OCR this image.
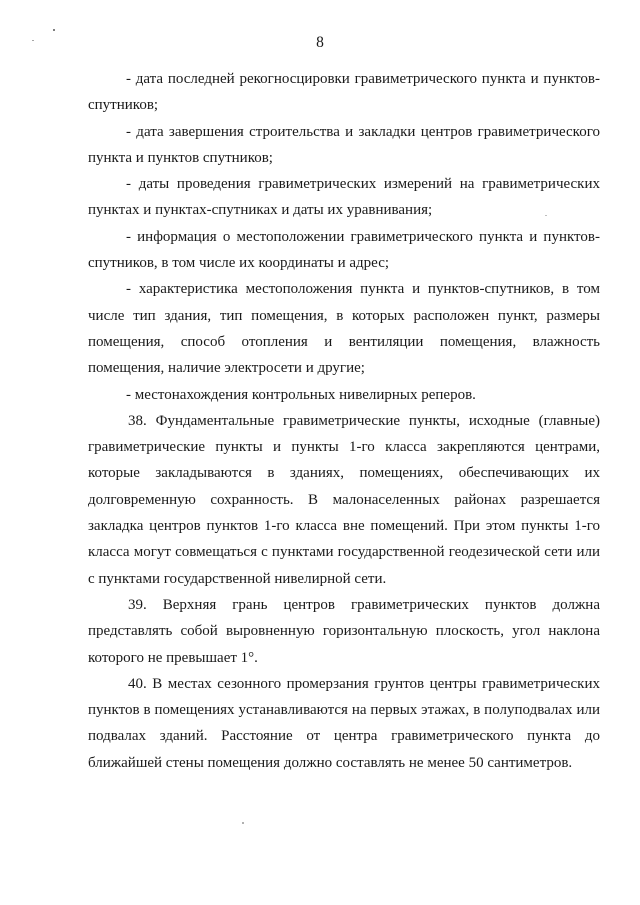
8

- дата последней рекогносцировки гравиметрического пункта и пунктов-спутников;

- дата завершения строительства и закладки центров гравиметрического пункта и пунктов спутников;

- даты проведения гравиметрических измерений на гравиметрических пунктах и пунктах-спутниках и даты их уравнивания;

- информация о местоположении гравиметрического пункта и пунктов-спутников, в том числе их координаты и адрес;

- характеристика местоположения пункта и пунктов-спутников, в том числе тип здания, тип помещения, в которых расположен пункт, размеры помещения, способ отопления и вентиляции помещения, влажность помещения, наличие электросети и другие;

- местонахождения контрольных нивелирных реперов.

38. Фундаментальные гравиметрические пункты, исходные (главные) гравиметрические пункты и пункты 1-го класса закрепляются центрами, которые закладываются в зданиях, помещениях, обеспечивающих их долговременную сохранность. В малонаселенных районах разрешается закладка центров пунктов 1-го класса вне помещений. При этом пункты 1-го класса могут совмещаться с пунктами государственной геодезической сети или с пунктами государственной нивелирной сети.

39. Верхняя грань центров гравиметрических пунктов должна представлять собой выровненную горизонтальную плоскость, угол наклона которого не превышает 1°.

40. В местах сезонного промерзания грунтов центры гравиметрических пунктов в помещениях устанавливаются на первых этажах, в полуподвалах или подвалах зданий. Расстояние от центра гравиметрического пункта до ближайшей стены помещения должно составлять не менее 50 сантиметров.
